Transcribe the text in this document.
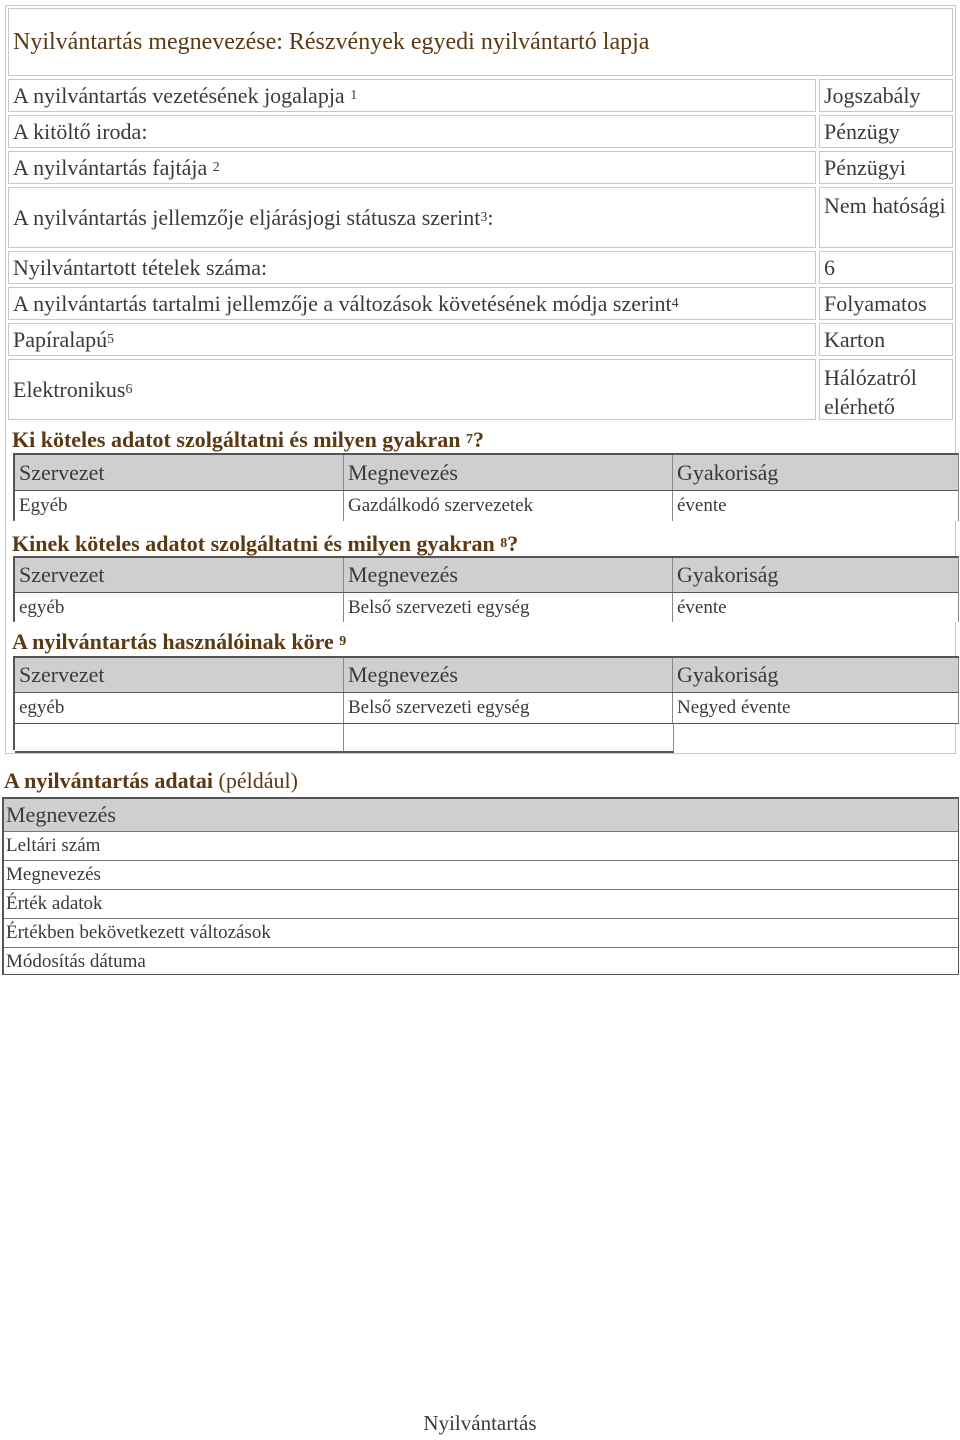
Nyilvántartás megnevezése: Részvények egyedi nyilvántartó lapja
A nyilvántartás vezetésének jogalapja 1	Jogszabály
A kitöltő iroda:	Pénzügy
A nyilvántartás fajtája 2	Pénzügyi
A nyilvántartás jellemzője eljárásjogi státusza szerint 3 :	Nem hatósági
Nyilvántartott tételek száma:	6
A nyilvántartás tartalmi jellemzője a változások követésének módja szerint 4	Folyamatos
Papíralapú 5	Karton
Elektronikus 6	Hálózatról elérhető
Ki köteles adatot szolgáltatni és milyen gyakran 7 ?
Szervezet	Megnevezés	Gyakoriság
Egyéb	Gazdálkodó szervezetek	évente
Kinek köteles adatot szolgáltatni és milyen gyakran 8 ?
Szervezet	Megnevezés	Gyakoriság
egyéb	Belső szervezeti egység	évente
A nyilvántartás használóinak köre 9
Szervezet	Megnevezés	Gyakoriság
egyéb	Belső szervezeti egység	Negyed évente
A nyilvántartás adatai (például)
Megnevezés
Leltári szám
Megnevezés
Érték adatok
Értékben bekövetkezett változások
Módosítás dátuma
Nyilvántartás
